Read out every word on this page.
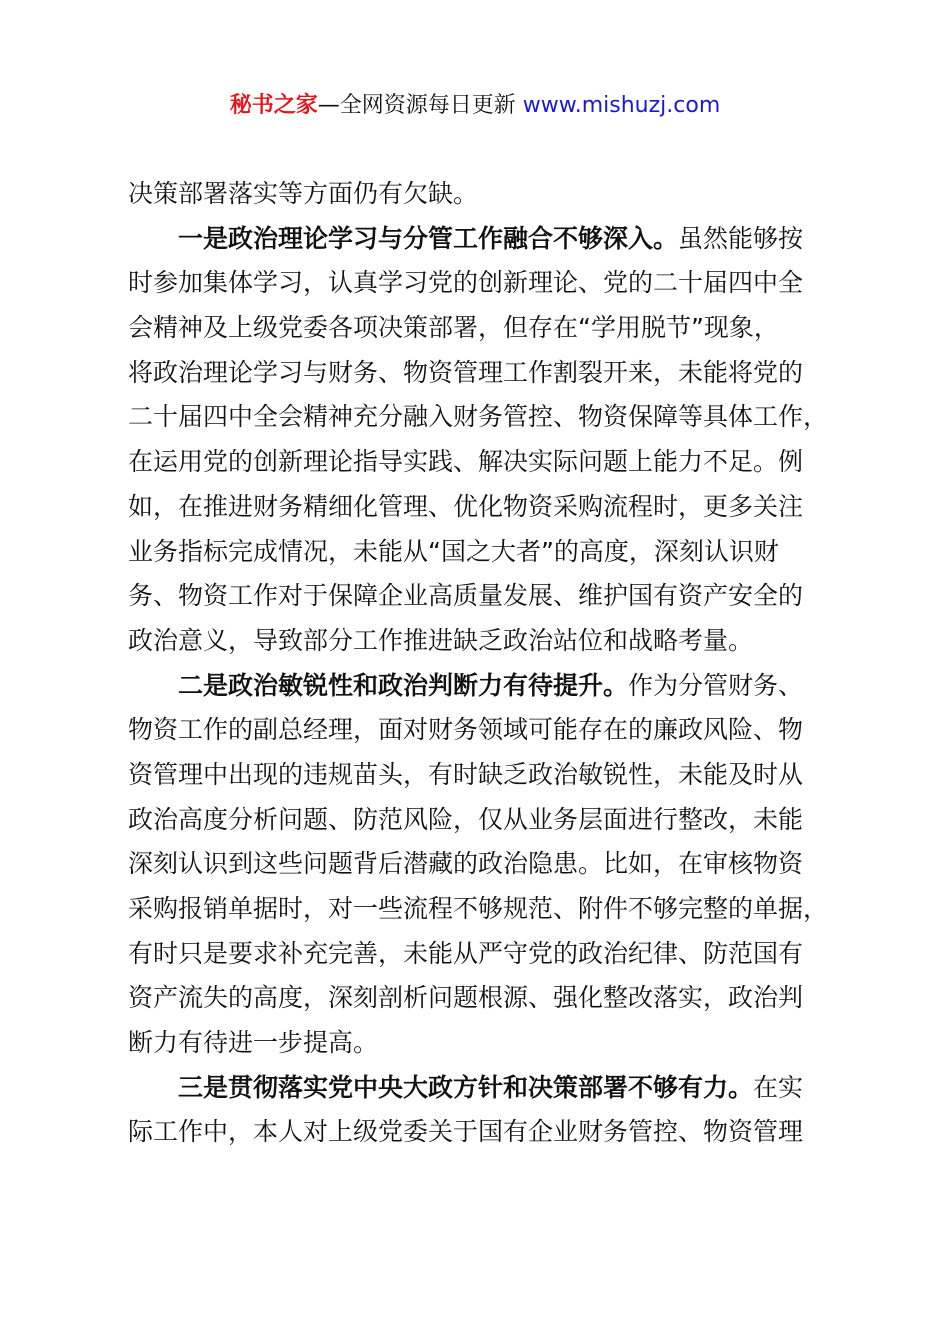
秘书之家—全网资源每日更新 www.mishuzj.com
决策部署落实等方面仍有欠缺。
一是政治理论学习与分管工作融合不够深入。虽然能够按
时参加集体学习，认真学习党的创新理论、党的二十届四中全
会精神及上级党委各项决策部署，但存在“学用脱节”现象，
将政治理论学习与财务、物资管理工作割裂开来，未能将党的
二十届四中全会精神充分融入财务管控、物资保障等具体工作，
在运用党的创新理论指导实践、解决实际问题上能力不足。例
如，在推进财务精细化管理、优化物资采购流程时，更多关注
业务指标完成情况，未能从“国之大者”的高度，深刻认识财
务、物资工作对于保障企业高质量发展、维护国有资产安全的
政治意义，导致部分工作推进缺乏政治站位和战略考量。
二是政治敏锐性和政治判断力有待提升。作为分管财务、
物资工作的副总经理，面对财务领域可能存在的廉政风险、物
资管理中出现的违规苗头，有时缺乏政治敏锐性，未能及时从
政治高度分析问题、防范风险，仅从业务层面进行整改，未能
深刻认识到这些问题背后潜藏的政治隐患。比如，在审核物资
采购报销单据时，对一些流程不够规范、附件不够完整的单据，
有时只是要求补充完善，未能从严守党的政治纪律、防范国有
资产流失的高度，深刻剖析问题根源、强化整改落实，政治判
断力有待进一步提高。
三是贯彻落实党中央大政方针和决策部署不够有力。在实
际工作中，本人对上级党委关于国有企业财务管控、物资管理
